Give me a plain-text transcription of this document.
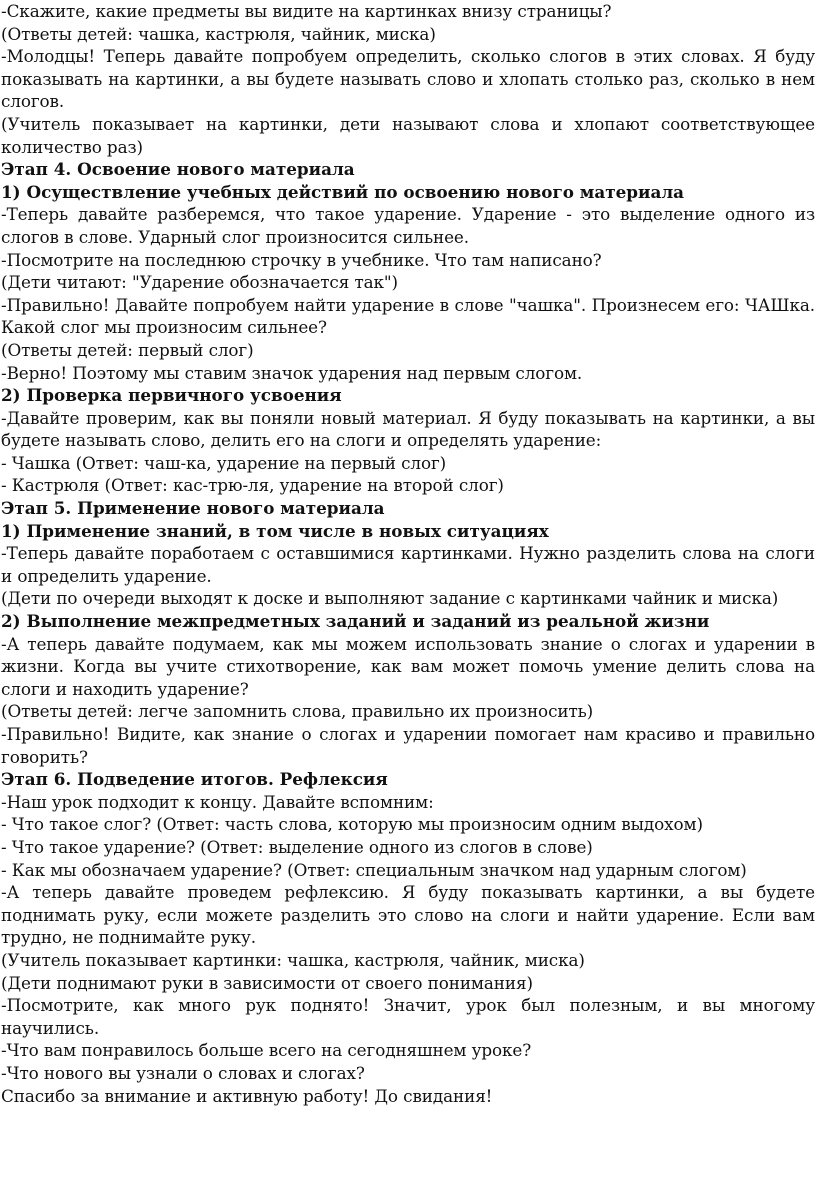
-Скажите, какие предметы вы видите на картинках внизу страницы?

(Ответы детей: чашка, кастрюля, чайник, миска)

-Молодцы! Теперь давайте попробуем определить, сколько слогов в этих словах. Я буду показывать на картинки, а вы будете называть слово и хлопать столько раз, сколько в нем слогов.

(Учитель показывает на картинки, дети называют слова и хлопают соответствующее количество раз)

Этап 4. Освоение нового материала

1) Осуществление учебных действий по освоению нового материала

-Теперь давайте разберемся, что такое ударение. Ударение - это выделение одного из слогов в слове. Ударный слог произносится сильнее.

-Посмотрите на последнюю строчку в учебнике. Что там написано?

(Дети читают: "Ударение обозначается так")

-Правильно! Давайте попробуем найти ударение в слове "чашка". Произнесем его: ЧАШка. Какой слог мы произносим сильнее?

(Ответы детей: первый слог)

-Верно! Поэтому мы ставим значок ударения над первым слогом.

2) Проверка первичного усвоения

-Давайте проверим, как вы поняли новый материал. Я буду показывать на картинки, а вы будете называть слово, делить его на слоги и определять ударение:

- Чашка (Ответ: чаш-ка, ударение на первый слог)

- Кастрюля (Ответ: кас-трю-ля, ударение на второй слог)

Этап 5. Применение нового материала

1) Применение знаний, в том числе в новых ситуациях

-Теперь давайте поработаем с оставшимися картинками. Нужно разделить слова на слоги и определить ударение.

(Дети по очереди выходят к доске и выполняют задание с картинками чайник и миска)

2) Выполнение межпредметных заданий и заданий из реальной жизни

-А теперь давайте подумаем, как мы можем использовать знание о слогах и ударении в жизни. Когда вы учите стихотворение, как вам может помочь умение делить слова на слоги и находить ударение?

(Ответы детей: легче запомнить слова, правильно их произносить)

-Правильно! Видите, как знание о слогах и ударении помогает нам красиво и правильно говорить?

Этап 6. Подведение итогов. Рефлексия

-Наш урок подходит к концу. Давайте вспомним:

- Что такое слог? (Ответ: часть слова, которую мы произносим одним выдохом)

- Что такое ударение? (Ответ: выделение одного из слогов в слове)

- Как мы обозначаем ударение? (Ответ: специальным значком над ударным слогом)

-А теперь давайте проведем рефлексию. Я буду показывать картинки, а вы будете поднимать руку, если можете разделить это слово на слоги и найти ударение. Если вам трудно, не поднимайте руку.

(Учитель показывает картинки: чашка, кастрюля, чайник, миска)

(Дети поднимают руки в зависимости от своего понимания)

-Посмотрите, как много рук поднято! Значит, урок был полезным, и вы многому научились.

-Что вам понравилось больше всего на сегодняшнем уроке?

-Что нового вы узнали о словах и слогах?

Спасибо за внимание и активную работу! До свидания!
